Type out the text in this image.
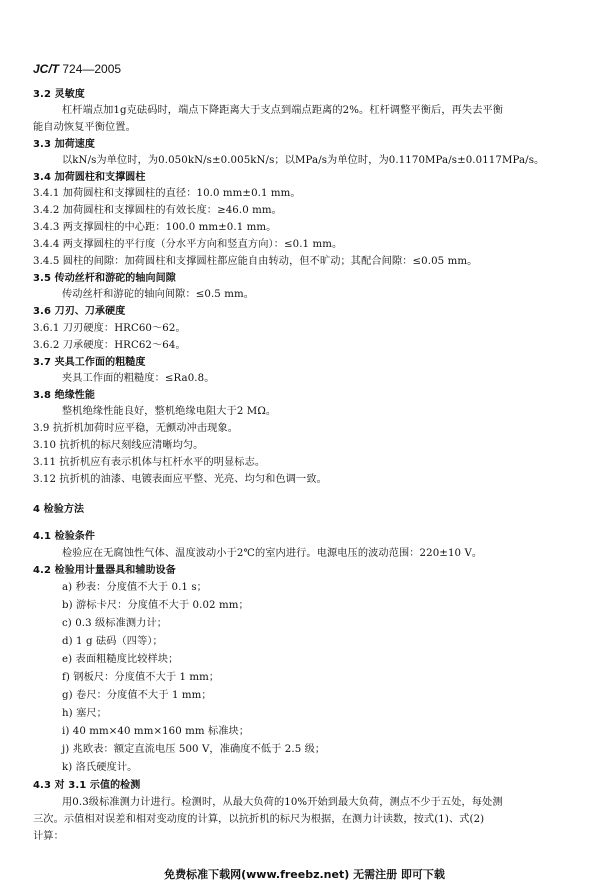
JC/T 724—2005
3.2 灵敏度
杠杆端点加1g克砝码时，端点下降距离大于支点到端点距离的2%。杠杆调整平衡后，再失去平衡
能自动恢复平衡位置。
3.3 加荷速度
以kN/s为单位时，为0.050kN/s±0.005kN/s；以MPa/s为单位时，为0.1170MPa/s±0.0117MPa/s。
3.4 加荷圆柱和支撑圆柱
3.4.1 加荷圆柱和支撑圆柱的直径：10.0 mm±0.1 mm。
3.4.2 加荷圆柱和支撑圆柱的有效长度：≥46.0 mm。
3.4.3 两支撑圆柱的中心距：100.0 mm±0.1 mm。
3.4.4 两支撑圆柱的平行度（分水平方向和竖直方向）：≤0.1 mm。
3.4.5 圆柱的间隙：加荷圆柱和支撑圆柱都应能自由转动，但不旷动；其配合间隙：≤0.05 mm。
3.5 传动丝杆和游砣的轴向间隙
传动丝杆和游砣的轴向间隙：≤0.5 mm。
3.6 刀刃、刀承硬度
3.6.1 刀刃硬度：HRC60～62。
3.6.2 刀承硬度：HRC62～64。
3.7 夹具工作面的粗糙度
夹具工作面的粗糙度：≤Ra0.8。
3.8 绝缘性能
整机绝缘性能良好，整机绝缘电阻大于2 MΩ。
3.9 抗折机加荷时应平稳，无颤动冲击现象。
3.10 抗折机的标尺刻线应清晰均匀。
3.11 抗折机应有表示机体与杠杆水平的明显标志。
3.12 抗折机的油漆、电镀表面应平整、光亮、均匀和色调一致。
4 检验方法
4.1 检验条件
检验应在无腐蚀性气体、温度波动小于2℃的室内进行。电源电压的波动范围：220±10 V。
4.2 检验用计量器具和辅助设备
a) 秒表：分度值不大于 0.1 s；
b) 游标卡尺：分度值不大于 0.02 mm；
c) 0.3 级标准测力计；
d) 1 g 砝码（四等）；
e) 表面粗糙度比较样块；
f) 钢板尺：分度值不大于 1 mm；
g) 卷尺：分度值不大于 1 mm；
h) 塞尺；
i) 40 mm×40 mm×160 mm 标准块；
j) 兆欧表：额定直流电压 500 V，准确度不低于 2.5 级；
k) 洛氏硬度计。
4.3 对 3.1 示值的检测
用0.3级标准测力计进行。检测时，从最大负荷的10%开始到最大负荷，测点不少于五处，每处测
三次。示值相对误差和相对变动度的计算，以抗折机的标尺为根据，在测力计读数，按式(1)、式(2)
计算：
免费标准下载网(www.freebz.net) 无需注册 即可下载
